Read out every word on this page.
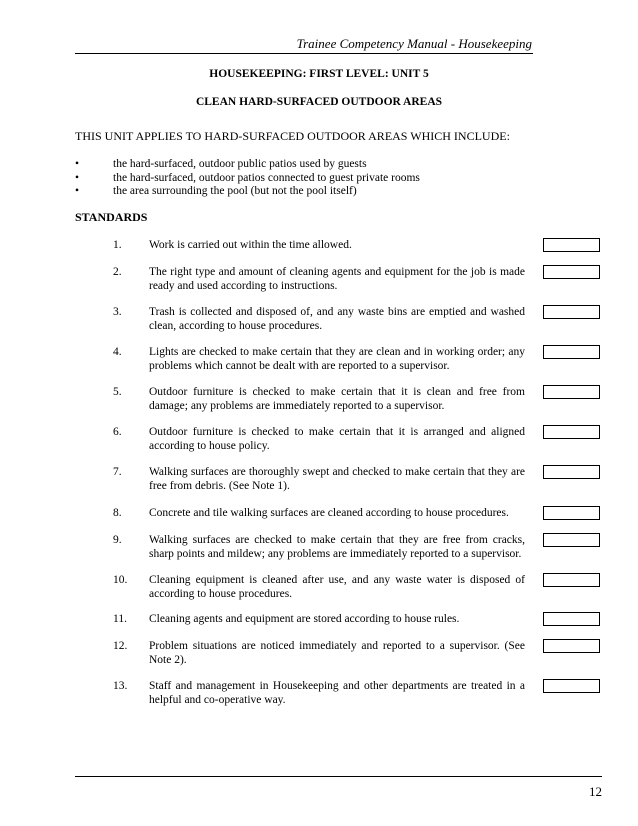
Trainee Competency Manual - Housekeeping
HOUSEKEEPING: FIRST LEVEL: UNIT 5
CLEAN HARD-SURFACED OUTDOOR AREAS
THIS UNIT APPLIES TO HARD-SURFACED OUTDOOR AREAS WHICH INCLUDE:
•	the hard-surfaced, outdoor public patios used by guests
•	the hard-surfaced, outdoor patios connected to guest private rooms
•	the area surrounding the pool (but not the pool itself)
STANDARDS
1. Work is carried out within the time allowed.
2. The right type and amount of cleaning agents and equipment for the job is made ready and used according to instructions.
3. Trash is collected and disposed of, and any waste bins are emptied and washed clean, according to house procedures.
4. Lights are checked to make certain that they are clean and in working order; any problems which cannot be dealt with are reported to a supervisor.
5. Outdoor furniture is checked to make certain that it is clean and free from damage; any problems are immediately reported to a supervisor.
6. Outdoor furniture is checked to make certain that it is arranged and aligned according to house policy.
7. Walking surfaces are thoroughly swept and checked to make certain that they are free from debris. (See Note 1).
8. Concrete and tile walking surfaces are cleaned according to house procedures.
9. Walking surfaces are checked to make certain that they are free from cracks, sharp points and mildew; any problems are immediately reported to a supervisor.
10. Cleaning equipment is cleaned after use, and any waste water is disposed of according to house procedures.
11. Cleaning agents and equipment are stored according to house rules.
12. Problem situations are noticed immediately and reported to a supervisor. (See Note 2).
13. Staff and management in Housekeeping and other departments are treated in a helpful and co-operative way.
12
